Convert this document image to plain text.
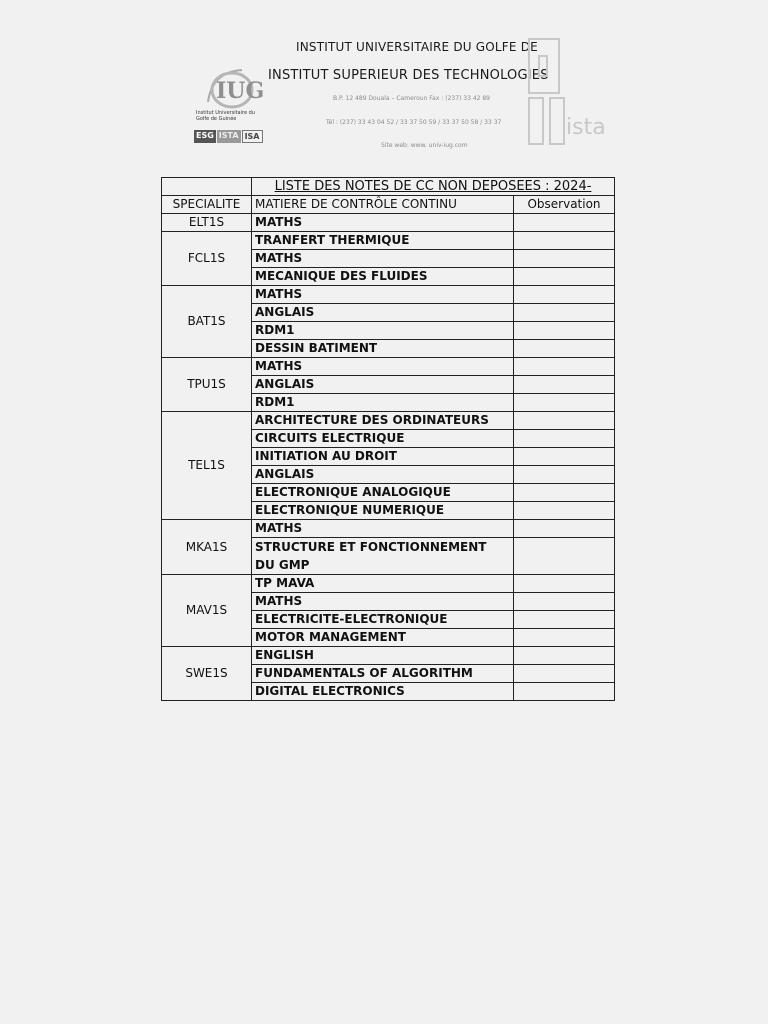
IUG
Institut Universitaire du Golfe de Guinée
ESG ISTA ISA
INSTITUT UNIVERSITAIRE DU GOLFE DE
INSTITUT SUPERIEUR DES TECHNOLOGIES
B.P. 12 489 Douala – Cameroun Fax : (237) 33 42 89
Tél : (237) 33 43 04 52 / 33 37 50 59 / 33 37 50 58 / 33 37
Site web: www. univ-iug.com
ista
	LISTE DES NOTES DE CC NON DEPOSEES : 2024-	
SPECIALITE	MATIERE DE CONTRÔLE CONTINU	Observation
ELT1S	MATHS	
FCL1S	TRANFERT THERMIQUE	
	MATHS	
	MECANIQUE DES FLUIDES	
BAT1S	MATHS	
	ANGLAIS	
	RDM1	
	DESSIN BATIMENT	
TPU1S	MATHS	
	ANGLAIS	
	RDM1	
TEL1S	ARCHITECTURE DES ORDINATEURS	
	CIRCUITS ELECTRIQUE	
	INITIATION AU DROIT	
	ANGLAIS	
	ELECTRONIQUE ANALOGIQUE	
	ELECTRONIQUE NUMERIQUE	
MKA1S	MATHS	
	STRUCTURE ET FONCTIONNEMENT DU GMP	
MAV1S	TP MAVA	
	MATHS	
	ELECTRICITE-ELECTRONIQUE	
	MOTOR MANAGEMENT	
SWE1S	ENGLISH	
	FUNDAMENTALS OF ALGORITHM	
	DIGITAL ELECTRONICS	
